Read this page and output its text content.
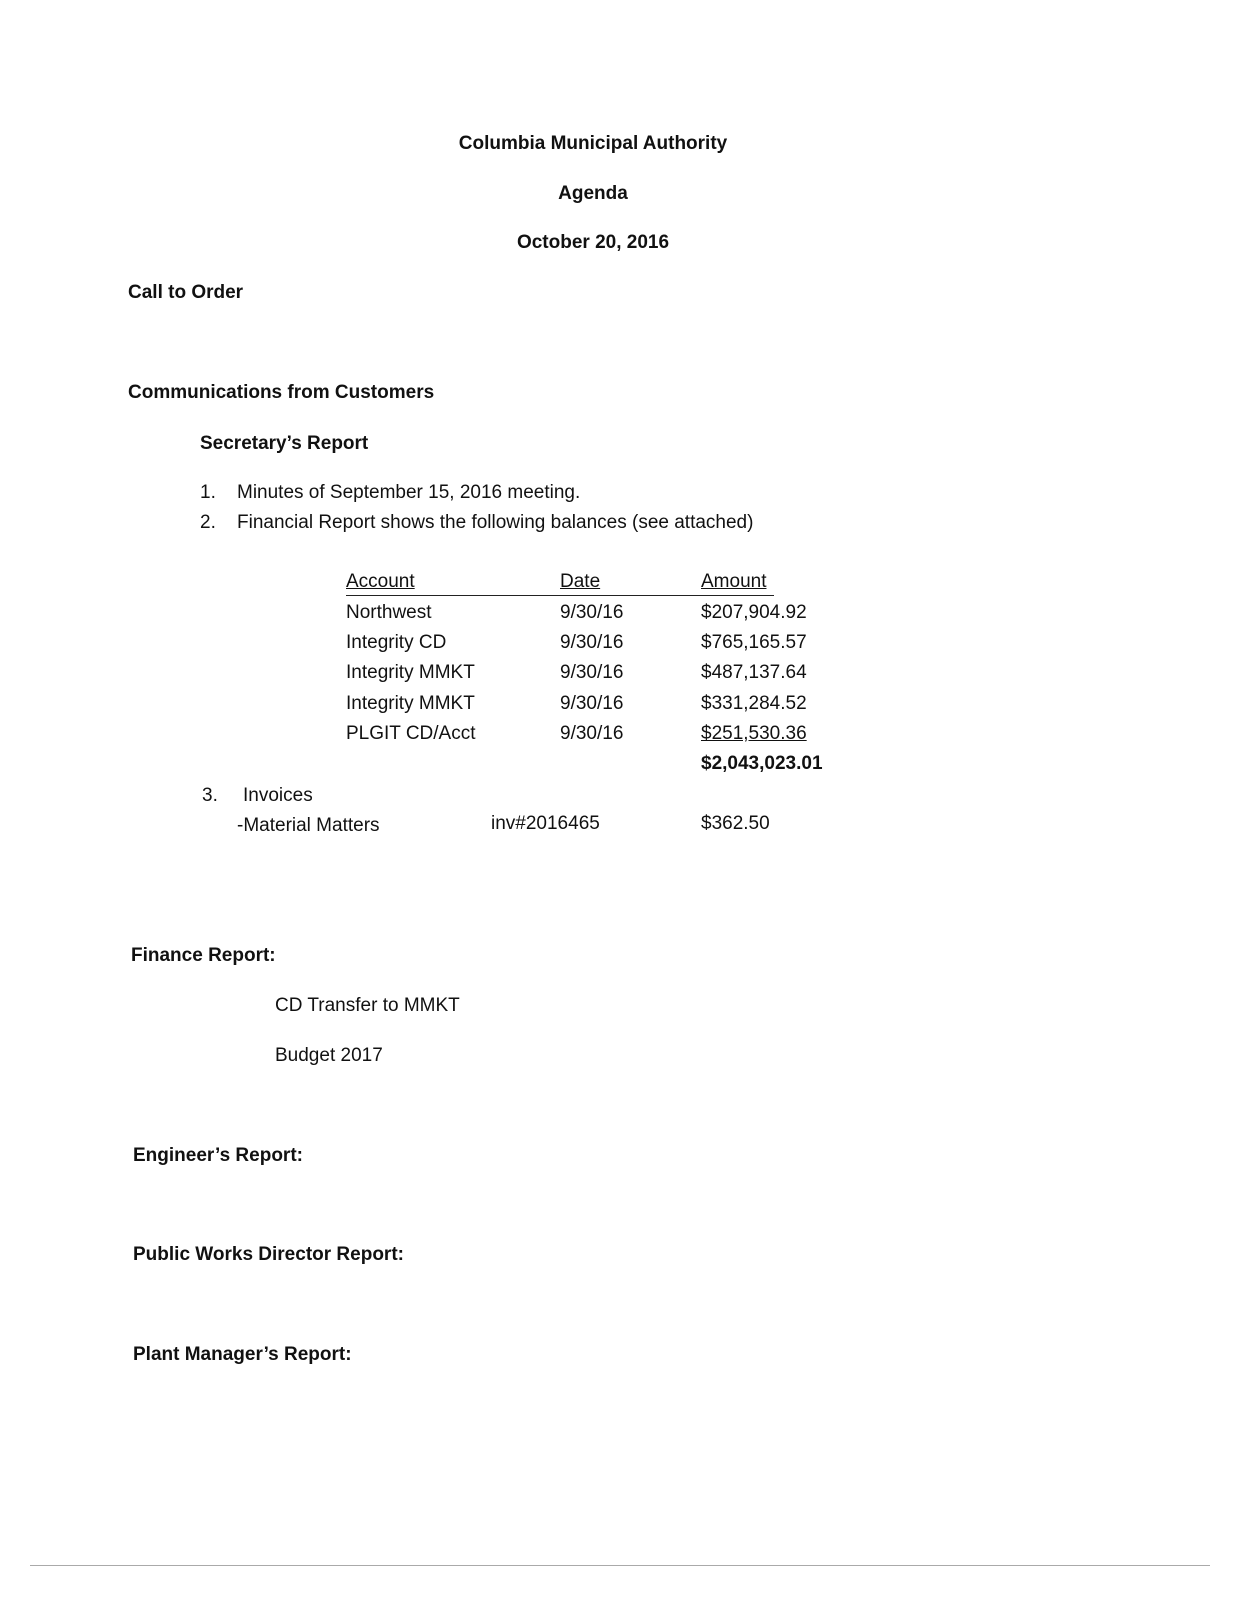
Columbia Municipal Authority
Agenda
October 20, 2016
Call to Order
Communications from Customers
Secretary’s Report
1. Minutes of September 15, 2016 meeting.
2. Financial Report shows the following balances (see attached)
Account	Date	Amount
Northwest	9/30/16	$207,904.92
Integrity CD	9/30/16	$765,165.57
Integrity MMKT	9/30/16	$487,137.64
Integrity MMKT	9/30/16	$331,284.52
PLGIT CD/Acct	9/30/16	$251,530.36
$2,043,023.01
3. Invoices
-Material Matters	inv#2016465	$362.50
Finance Report:
CD Transfer to MMKT
Budget 2017
Engineer’s Report:
Public Works Director Report:
Plant Manager’s Report:
